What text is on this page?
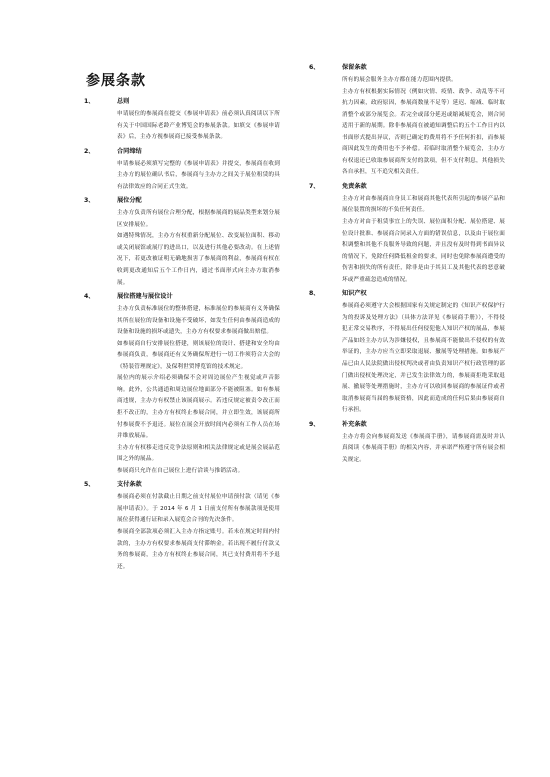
参展条款
1、	总则

申请展位的参展商在提交《参展申请表》前必须认真阅读以下所有关于中国国际老龄产业博览会的参展条款。如填交《参展申请表》后，主办方视参展商已接受参展条款。

2、	合同缔结

申请参展必须填写完整的《参展申请表》并提交，参展商在收到主办方的展位确认书后，参展商与主办方之间关于展位租赁的具有法律效应的合同正式生效。

3、	展位分配

主办方负责所有展位合理分配，根据参展商的展品类型来划分展区安排展位。

如遇特殊情况，主办方有权重新分配展位、改变展位面积、移动或关闭展馆或展厅的进出口，以及进行其他必要改动。在上述情况下，若更改被证明无确地损害了参展商的利益，参展商有权在收到更改通知后五个工作日内，通过书面形式向主办方取消参展。

4、	展位搭建与展位设计

主办方负责标准展位的整体搭建，标准展位的参展商有义务确保其所在展位的设备和设施不受破坏，如发生任何由参展商造成的设备和设施的损坏或遗失，主办方有权要求参展商做出赔偿。

如参展商自行安排展位搭建，则该展位的设计、搭建和安全均由参展商负责，参展商还有义务确保所进行一切工作须符合大会的《特装管理规定》，及保利世贸博览馆的技术规定。

展位内的展示介绍必须确保不会对周边展位产生视觉或声音影响。此外，公共通道和周边展位地面部分不能被阻塞。如有参展商违规，主办方有权禁止该展商展示。若违反规定被责令改正而拒不改正的，主办方有权终止参展合同，并立即生效，该展商所付参展费不予退还。展位在展会开放时间内必须有工作人员在场并维放展品。

主办方有权移走违反竞争法原则和相关法律规定或是展会展品范围之外的展品。

参展商只允许在自己展位上进行洽谈与推销活动。

5、	支付条款

参展商必须在付款截止日期之前支付展位申请预付款（请见《参展申请表》）。于 2014 年 6 月 1 日前支付所有参展款项是使用展位获得通行证和录入展览会合刊的先决条件。

参展商全部款项必须汇入主办方指定账号。若未在规定时间内付款的，主办方有权要求参展商支付滞纳金。若出现不履行付款义务的参展商，主办方有权终止参展合同，其已支付费用将不予退还。

6、	保留条款

所有的展会服务主办方都在能力范围内提供。

主办方有权根据实际情况（例如灾情、疫情、战争、动乱等不可抗力因素，政府原因，参展商数量不足等）延迟、缩减、临时取消整个或部分展览会。若完全或部分延迟或缩减展览会，则合同适用于新的展期。除非参展商在被通知调整后的五个工作日内以书面形式提出异议，否则已确定的费用将不予任何折扣，而参展商因此发生的费用也不予补偿。若临时取消整个展览会，主办方有权退还已收取参展商所支付的款项，但不支付利息，其他损失各自承担，互不追究相关责任。

7、	免责条款

主办方对由参展商自身员工和展商其他代表所引起的参展产品和展位装置的损坏的不负任何责任。

主办方对由于租赁事宜上的失误、展位面积分配、展位搭建、展位设计批准、参展商合同录入方面的错误信息，以及由于展位面积调整和其他不良服务导致的问题，并且没有及时得到书面异议的情况下，免除任何降低租金的要求，同时也免除参展商遭受的伤害和损失的所有责任，除非是由于其员工及其他代表的恶意破坏或严重疏忽造成的情况。

8、	知识产权

参展商必须遵守大会根据国家有关规定制定的《知识产权保护行为的投诉及处理方法》（具体方法详见《参展商手册》），不得侵犯正常交易秩序，不得展出任何侵犯他人知识产权的展品，参展产品如经主办方认为涉嫌侵权，且参展商不能做出不侵权的有效举证的，主办方应当立即采取退展、撤展等处理措施。如参展产品已由人民法院做出侵权判决或者由负责知识产权行政管理的部门做出侵权处理决定，并已发生法律效力的，参展商拒绝采取退展、撤展等处理措施时，主办方可以收回参展商的参展证件或者取消参展商当届的参展资格，因此而造成的任何后果由参展商自行承担。

9、	补充条款

主办方将会向参展商发送《参展商手册》，请参展商需及时并认真阅读《参展商手册》的相关内容，并承诺严格遵守所有展会相关规定。
